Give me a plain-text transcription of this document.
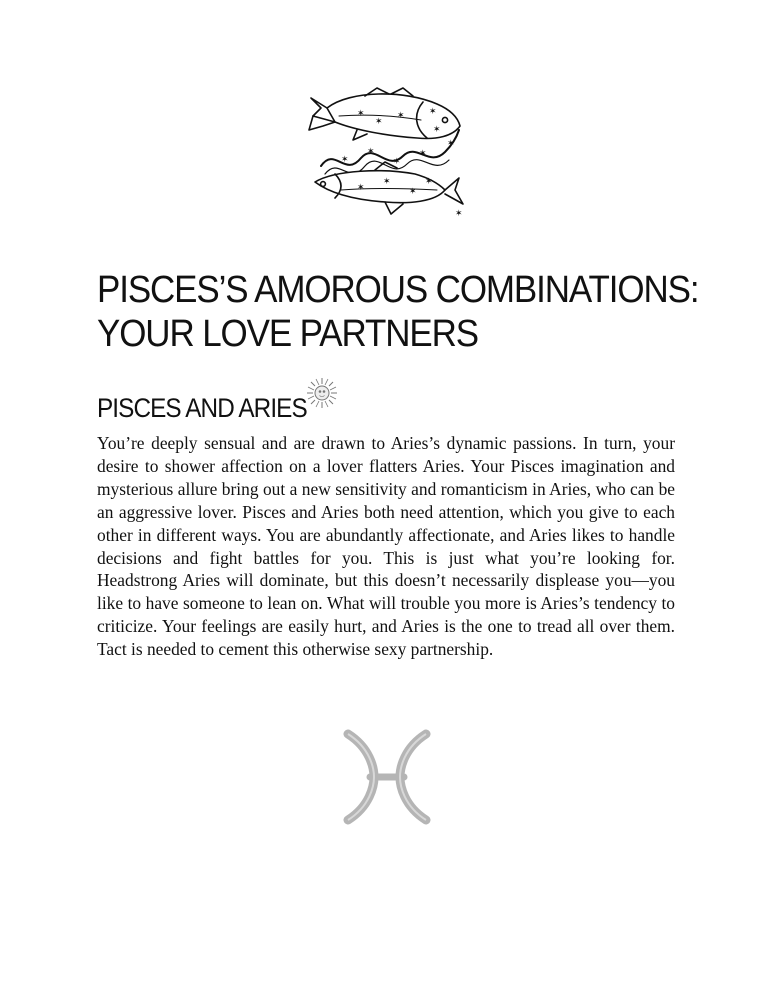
✶
✶
✶	✶
✶
✶
✶
✶
✶
✶
✶
✶
✶
✶
✶
PISCES’S AMOROUS COMBINATIONS:
YOUR LOVE PARTNERS
PISCES AND ARIES

You’re deeply sensual and are drawn to Aries’s dynamic passions. In turn, your desire to shower affection on a lover flatters Aries. Your Pisces imagination and mysterious allure bring out a new sensitivity and romanticism in Aries, who can be an aggressive lover. Pisces and Aries both need attention, which you give to each other in different ways. You are abundantly affectionate, and Aries likes to handle decisions and fight battles for you. This is just what you’re looking for. Headstrong Aries will dominate, but this doesn’t necessarily displease you—you like to have someone to lean on. What will trouble you more is Aries’s tendency to criticize. Your feelings are easily hurt, and Aries is the one to tread all over them. Tact is needed to cement this otherwise sexy partnership.
